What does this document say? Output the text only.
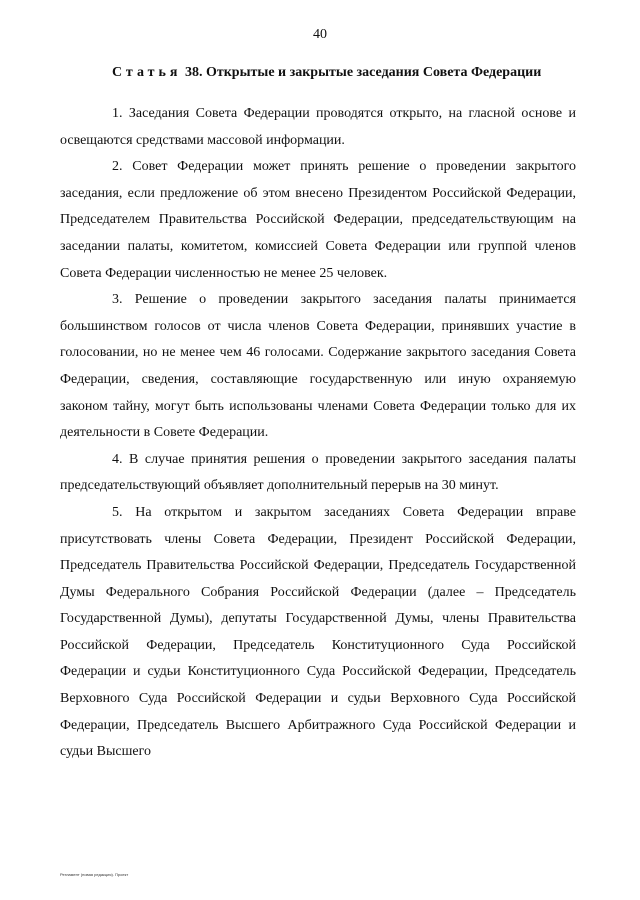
40
Статья 38. Открытые и закрытые заседания Совета Федерации

1. Заседания Совета Федерации проводятся открыто, на гласной основе и освещаются средствами массовой информации.

2. Совет Федерации может принять решение о проведении закрытого заседания, если предложение об этом внесено Президентом Российской Федерации, Председателем Правительства Российской Федерации, председательствующим на заседании палаты, комитетом, комиссией Совета Федерации или группой членов Совета Федерации численностью не менее 25 человек.

3. Решение о проведении закрытого заседания палаты принимается большинством голосов от числа членов Совета Федерации, принявших участие в голосовании, но не менее чем 46 голосами. Содержание закрытого заседания Совета Федерации, сведения, составляющие государственную или иную охраняемую законом тайну, могут быть использованы членами Совета Федерации только для их деятельности в Совете Федерации.

4. В случае принятия решения о проведении закрытого заседания палаты председательствующий объявляет дополнительный перерыв на 30 минут.

5. На открытом и закрытом заседаниях Совета Федерации вправе присутствовать члены Совета Федерации, Президент Российской Федерации, Председатель Правительства Российской Федерации, Председатель Государственной Думы Федерального Собрания Российской Федерации (далее – Председатель Государственной Думы), депутаты Государственной Думы, члены Правительства Российской Федерации, Председатель Конституционного Суда Российской Федерации и судьи Конституционного Суда Российской Федерации, Председатель Верховного Суда Российской Федерации и судьи Верховного Суда Российской Федерации, Председатель Высшего Арбитражного Суда Российской Федерации и судьи Высшего

Регламент (новая редакция). Проект
